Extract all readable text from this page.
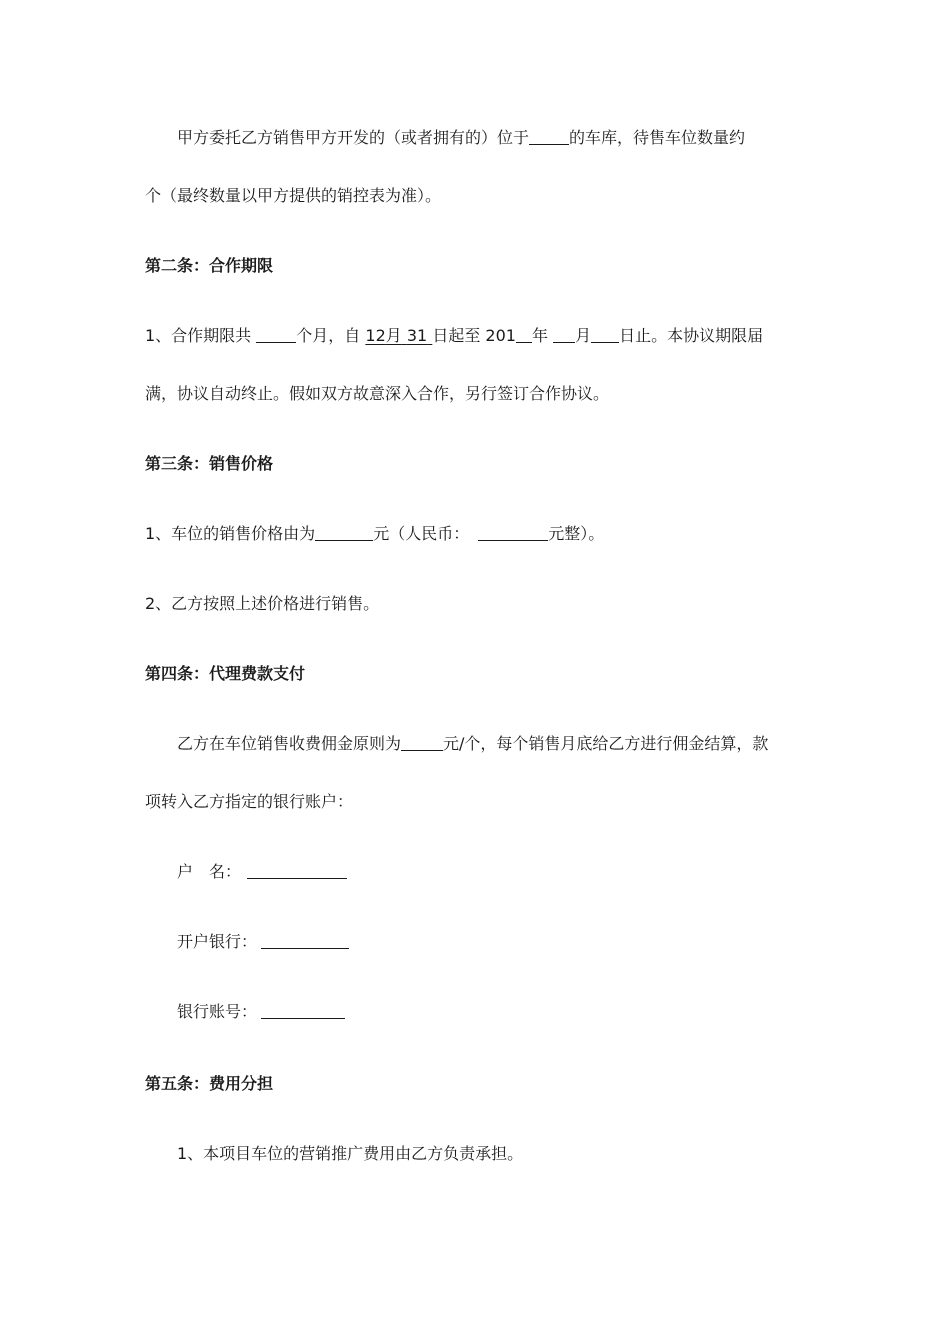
甲方委托乙方销售甲方开发的（或者拥有的）位于	的车库，待售车位数量约
个（最终数量以甲方提供的销控表为准）。
第二条：合作期限
1、合作期限共	个月，自 12月 31 日起至 201 年 月 日止。本协议期限届
满，协议自动终止。假如双方故意深入合作，另行签订合作协议。
第三条：销售价格
1、车位的销售价格由为	元（人民币：	元整）。
2、乙方按照上述价格进行销售。
第四条：代理费款支付
乙方在车位销售收费佣金原则为	元/个，每个销售月底给乙方进行佣金结算，款
项转入乙方指定的银行账户：
户　名：
开户银行：
银行账号：
第五条：费用分担
1、本项目车位的营销推广费用由乙方负责承担。
